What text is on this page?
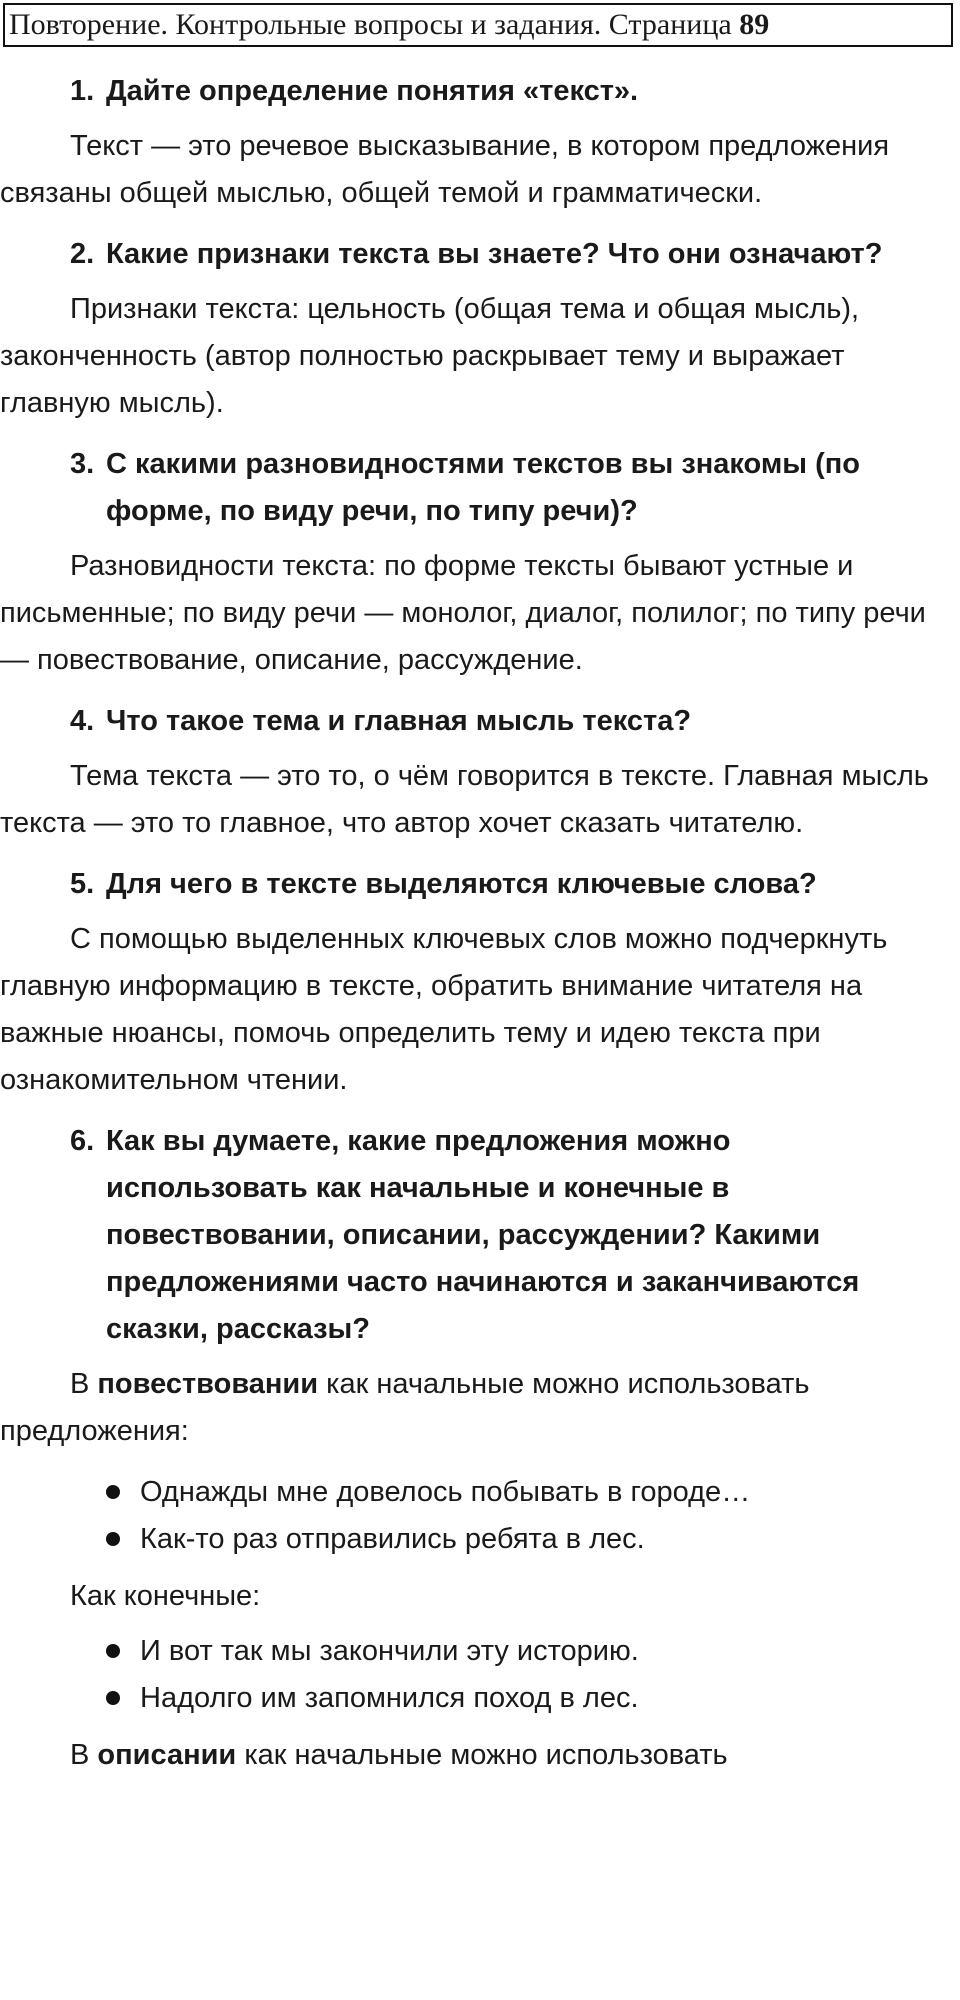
Повторение. Контрольные вопросы и задания. Страница 89
1. Дайте определение понятия «текст».

Текст — это речевое высказывание, в котором предложения связаны общей мыслью, общей темой и грамматически.

2. Какие признаки текста вы знаете? Что они означают?

Признаки текста: цельность (общая тема и общая мысль), законченность (автор полностью раскрывает тему и выражает главную мысль).

3. С какими разновидностями текстов вы знакомы (по форме, по виду речи, по типу речи)?

Разновидности текста: по форме тексты бывают устные и письменные; по виду речи — монолог, диалог, полилог; по типу речи — повествование, описание, рассуждение.

4. Что такое тема и главная мысль текста?

Тема текста — это то, о чём говорится в тексте. Главная мысль текста — это то главное, что автор хочет сказать читателю.

5. Для чего в тексте выделяются ключевые слова?

С помощью выделенных ключевых слов можно подчеркнуть главную информацию в тексте, обратить внимание читателя на важные нюансы, помочь определить тему и идею текста при ознакомительном чтении.

6. Как вы думаете, какие предложения можно использовать как начальные и конечные в повествовании, описании, рассуждении? Какими предложениями часто начинаются и заканчиваются сказки, рассказы?

В повествовании как начальные можно использовать предложения:

Однажды мне довелось побывать в городе…
Как-то раз отправились ребята в лес.

Как конечные:

И вот так мы закончили эту историю.
Надолго им запомнился поход в лес.

В описании как начальные можно использовать
